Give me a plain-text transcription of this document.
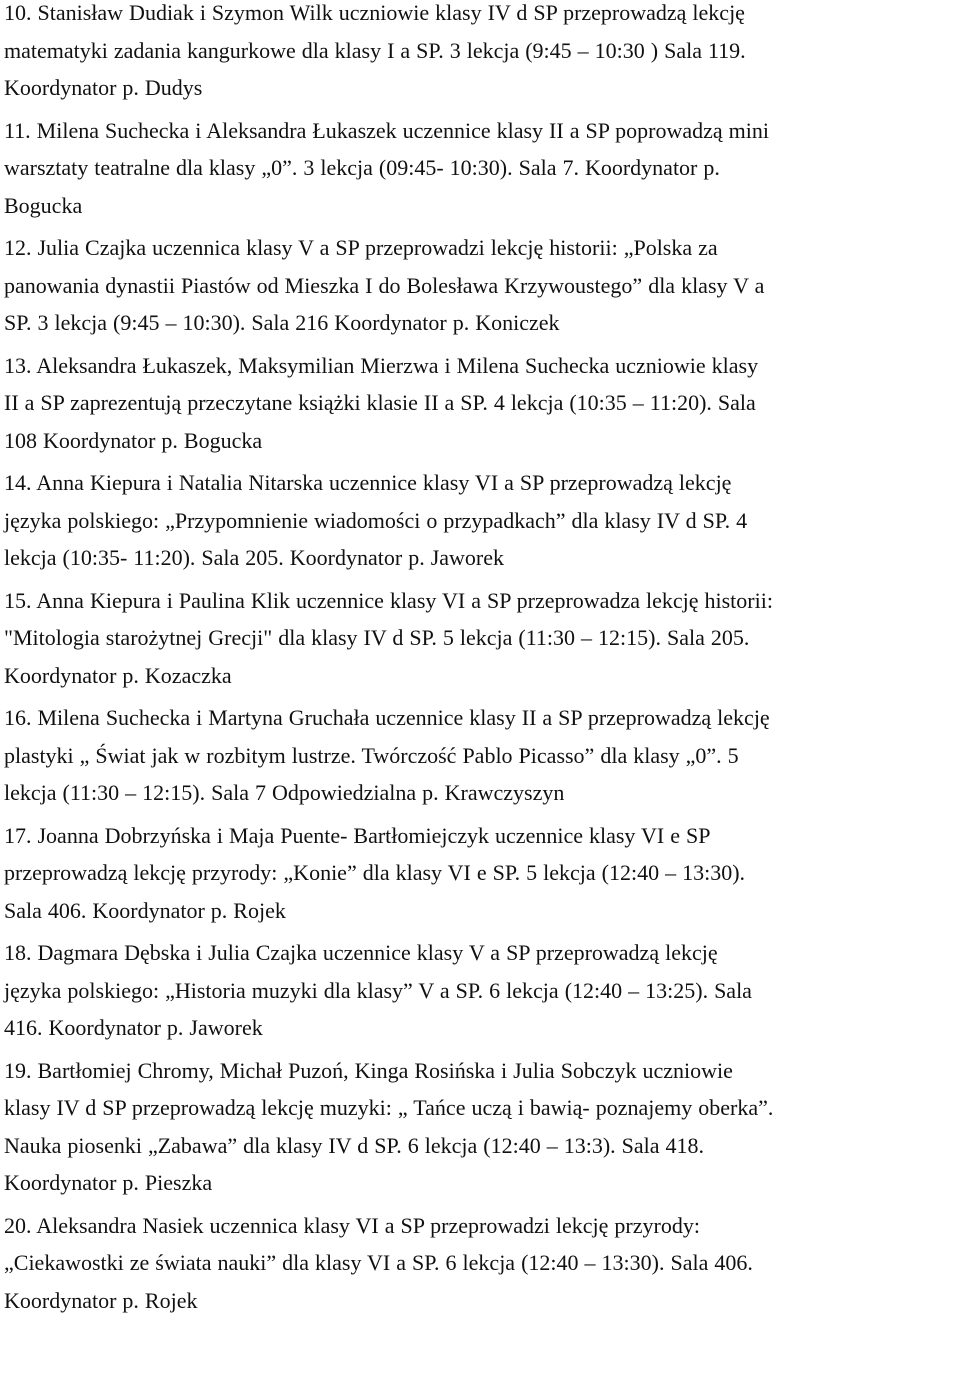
10. Stanisław Dudiak i Szymon Wilk uczniowie klasy IV d SP przeprowadzą lekcję
matematyki zadania kangurkowe dla klasy I a SP. 3 lekcja (9:45 – 10:30 ) Sala 119.
Koordynator p. Dudys
11. Milena Suchecka i Aleksandra Łukaszek uczennice klasy II a SP poprowadzą mini
warsztaty teatralne dla klasy „0”. 3 lekcja (09:45- 10:30). Sala 7. Koordynator p.
Bogucka
12. Julia Czajka uczennica klasy V a SP przeprowadzi lekcję historii: „Polska za
panowania dynastii Piastów od Mieszka I do Bolesława Krzywoustego” dla klasy V a
SP. 3 lekcja (9:45 – 10:30). Sala 216 Koordynator p. Koniczek
13. Aleksandra Łukaszek, Maksymilian Mierzwa i Milena Suchecka uczniowie klasy
II a SP zaprezentują przeczytane książki klasie II a SP. 4 lekcja (10:35 – 11:20). Sala
108 Koordynator p. Bogucka
14. Anna Kiepura i Natalia Nitarska uczennice klasy VI a SP przeprowadzą lekcję
języka polskiego: „Przypomnienie wiadomości o przypadkach” dla klasy IV d SP. 4
lekcja (10:35- 11:20). Sala 205. Koordynator p. Jaworek
15. Anna Kiepura i Paulina Klik uczennice klasy VI a SP przeprowadza lekcję historii:
"Mitologia starożytnej Grecji" dla klasy IV d SP. 5 lekcja (11:30 – 12:15). Sala 205.
Koordynator p. Kozaczka
16. Milena Suchecka i Martyna Gruchała uczennice klasy II a SP przeprowadzą lekcję
plastyki „ Świat jak w rozbitym lustrze. Twórczość Pablo Picasso” dla klasy „0”. 5
lekcja (11:30 – 12:15). Sala 7 Odpowiedzialna p. Krawczyszyn
17. Joanna Dobrzyńska i Maja Puente- Bartłomiejczyk uczennice klasy VI e SP
przeprowadzą lekcję przyrody: „Konie” dla klasy VI e SP. 5 lekcja (12:40 – 13:30).
Sala 406. Koordynator p. Rojek
18. Dagmara Dębska i Julia Czajka uczennice klasy V a SP przeprowadzą lekcję
języka polskiego: „Historia muzyki dla klasy” V a SP. 6 lekcja (12:40 – 13:25). Sala
416. Koordynator p. Jaworek
19. Bartłomiej Chromy, Michał Puzoń, Kinga Rosińska i Julia Sobczyk uczniowie
klasy IV d SP przeprowadzą lekcję muzyki: „ Tańce uczą i bawią- poznajemy oberka”.
Nauka piosenki „Zabawa” dla klasy IV d SP. 6 lekcja (12:40 – 13:3). Sala 418.
Koordynator p. Pieszka
20. Aleksandra Nasiek uczennica klasy VI a SP przeprowadzi lekcję przyrody:
„Ciekawostki ze świata nauki” dla klasy VI a SP. 6 lekcja (12:40 – 13:30). Sala 406.
Koordynator p. Rojek
